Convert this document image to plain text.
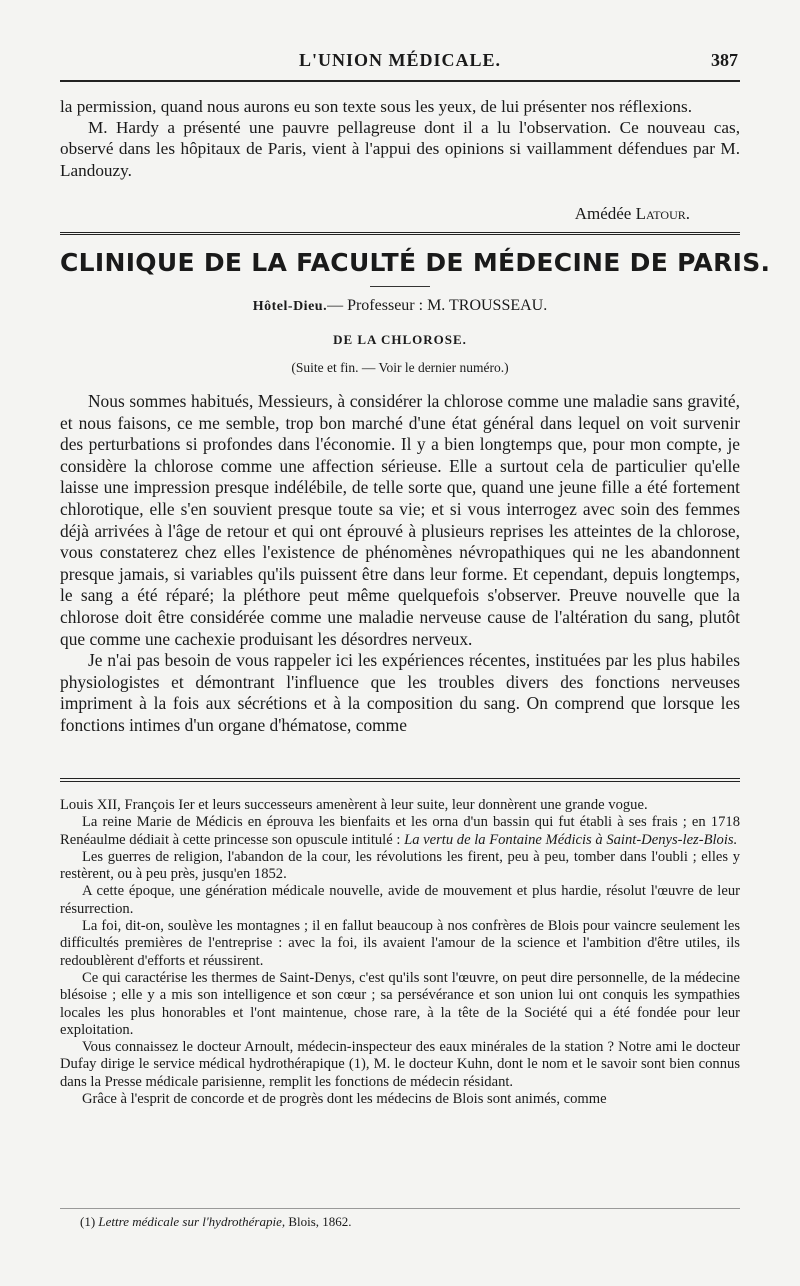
L'UNION MÉDICALE.	387

la permission, quand nous aurons eu son texte sous les yeux, de lui présenter nos réflexions.

M. Hardy a présenté une pauvre pellagreuse dont il a lu l'observation. Ce nouveau cas, observé dans les hôpitaux de Paris, vient à l'appui des opinions si vaillamment défendues par M. Landouzy.

Amédée Latour.
CLINIQUE DE LA FACULTÉ DE MÉDECINE DE PARIS.
Hôtel-Dieu.— Professeur : M. TROUSSEAU.
DE LA CHLOROSE.
(Suite et fin. — Voir le dernier numéro.)

Nous sommes habitués, Messieurs, à considérer la chlorose comme une maladie sans gravité, et nous faisons, ce me semble, trop bon marché d'une état général dans lequel on voit survenir des perturbations si profondes dans l'économie. Il y a bien longtemps que, pour mon compte, je considère la chlorose comme une affection sérieuse. Elle a surtout cela de particulier qu'elle laisse une impression presque indélébile, de telle sorte que, quand une jeune fille a été fortement chlorotique, elle s'en souvient presque toute sa vie; et si vous interrogez avec soin des femmes déjà arrivées à l'âge de retour et qui ont éprouvé à plusieurs reprises les atteintes de la chlorose, vous constaterez chez elles l'existence de phénomènes névropathiques qui ne les abandonnent presque jamais, si variables qu'ils puissent être dans leur forme. Et cependant, depuis longtemps, le sang a été réparé; la pléthore peut même quelquefois s'observer. Preuve nouvelle que la chlorose doit être considérée comme une maladie nerveuse cause de l'altération du sang, plutôt que comme une cachexie produisant les désordres nerveux.

Je n'ai pas besoin de vous rappeler ici les expériences récentes, instituées par les plus habiles physiologistes et démontrant l'influence que les troubles divers des fonctions nerveuses impriment à la fois aux sécrétions et à la composition du sang. On comprend que lorsque les fonctions intimes d'un organe d'hématose, comme

Louis XII, François Ier et leurs successeurs amenèrent à leur suite, leur donnèrent une grande vogue.

La reine Marie de Médicis en éprouva les bienfaits et les orna d'un bassin qui fut établi à ses frais ; en 1718 Renéaulme dédiait à cette princesse son opuscule intitulé : La vertu de la Fontaine Médicis à Saint-Denys-lez-Blois.

Les guerres de religion, l'abandon de la cour, les révolutions les firent, peu à peu, tomber dans l'oubli ; elles y restèrent, ou à peu près, jusqu'en 1852.

A cette époque, une génération médicale nouvelle, avide de mouvement et plus hardie, résolut l'œuvre de leur résurrection.

La foi, dit-on, soulève les montagnes ; il en fallut beaucoup à nos confrères de Blois pour vaincre seulement les difficultés premières de l'entreprise : avec la foi, ils avaient l'amour de la science et l'ambition d'être utiles, ils redoublèrent d'efforts et réussirent.

Ce qui caractérise les thermes de Saint-Denys, c'est qu'ils sont l'œuvre, on peut dire personnelle, de la médecine blésoise ; elle y a mis son intelligence et son cœur ; sa persévérance et son union lui ont conquis les sympathies locales les plus honorables et l'ont maintenue, chose rare, à la tête de la Société qui a été fondée pour leur exploitation.

Vous connaissez le docteur Arnoult, médecin-inspecteur des eaux minérales de la station ? Notre ami le docteur Dufay dirige le service médical hydrothérapique (1), M. le docteur Kuhn, dont le nom et le savoir sont bien connus dans la Presse médicale parisienne, remplit les fonctions de médecin résidant.

Grâce à l'esprit de concorde et de progrès dont les médecins de Blois sont animés, comme

(1) Lettre médicale sur l'hydrothérapie, Blois, 1862.
